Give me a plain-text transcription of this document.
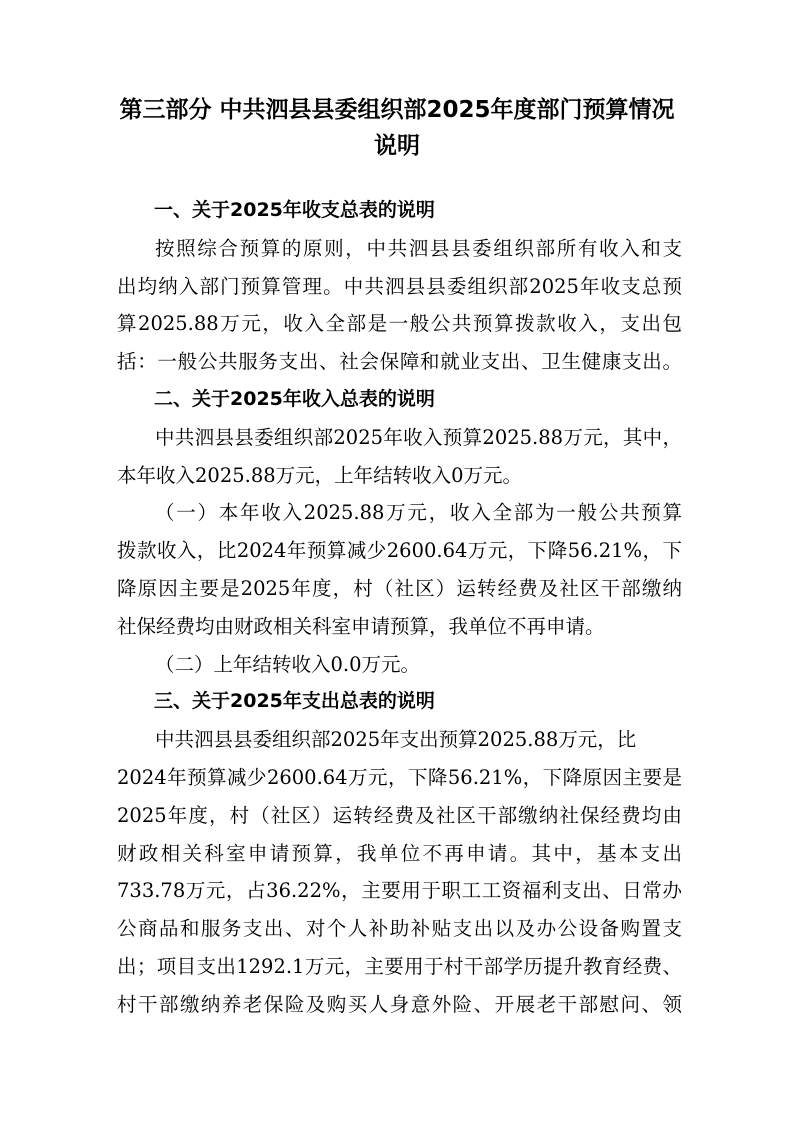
第三部分 中共泗县县委组织部2025年度部门预算情况
说明

一、关于2025年收支总表的说明

按照综合预算的原则，中共泗县县委组织部所有收入和支

出均纳入部门预算管理。中共泗县县委组织部2025年收支总预

算2025.88万元，收入全部是一般公共预算拨款收入，支出包

括：一般公共服务支出、社会保障和就业支出、卫生健康支出。

二、关于2025年收入总表的说明

中共泗县县委组织部2025年收入预算2025.88万元，其中，

本年收入2025.88万元，上年结转收入0万元。

（一）本年收入2025.88万元，收入全部为一般公共预算

拨款收入，比2024年预算减少2600.64万元，下降56.21%，下

降原因主要是2025年度，村（社区）运转经费及社区干部缴纳

社保经费均由财政相关科室申请预算，我单位不再申请。

（二）上年结转收入0.0万元。

三、关于2025年支出总表的说明

中共泗县县委组织部2025年支出预算2025.88万元，比

2024年预算减少2600.64万元，下降56.21%，下降原因主要是

2025年度，村（社区）运转经费及社区干部缴纳社保经费均由

财政相关科室申请预算，我单位不再申请。其中，基本支出

733.78万元，占36.22%，主要用于职工工资福利支出、日常办

公商品和服务支出、对个人补助补贴支出以及办公设备购置支

出；项目支出1292.1万元，主要用于村干部学历提升教育经费、

村干部缴纳养老保险及购买人身意外险、开展老干部慰问、领
